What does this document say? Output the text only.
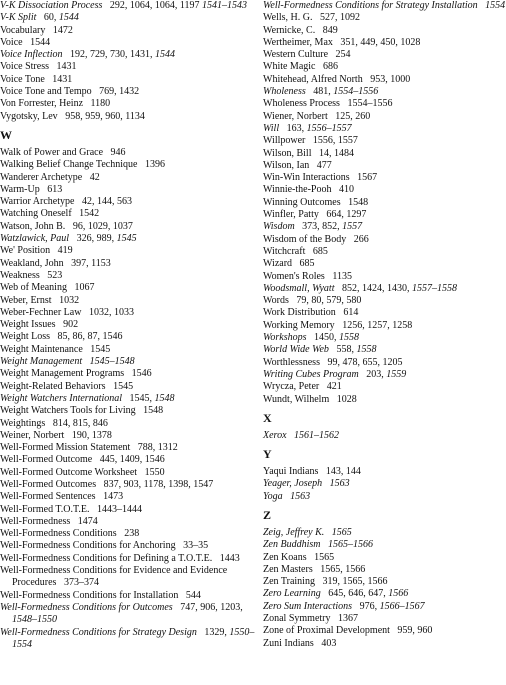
V-K Dissociation Process 292, 1064, 1064, 1197 1541–1543
V-K Split 60, 1544
Vocabulary 1472
Voice 1544
Voice Inflection 192, 729, 730, 1431, 1544
Voice Stress 1431
Voice Tone 1431
Voice Tone and Tempo 769, 1432
Von Forrester, Heinz 1180
Vygotsky, Lev 958, 959, 960, 1134
W
Walk of Power and Grace 946
Walking Belief Change Technique 1396
Wanderer Archetype 42
Warm-Up 613
Warrior Archetype 42, 144, 563
Watching Oneself 1542
Watson, John B. 96, 1029, 1037
Watzlawick, Paul 326, 989, 1545
We' Position 419
Weakland, John 397, 1153
Weakness 523
Web of Meaning 1067
Weber, Ernst 1032
Weber-Fechner Law 1032, 1033
Weight Issues 902
Weight Loss 85, 86, 87, 1546
Weight Maintenance 1545
Weight Management 1545–1548
Weight Management Programs 1546
Weight-Related Behaviors 1545
Weight Watchers International 1545, 1548
Weight Watchers Tools for Living 1548
Weightings 814, 815, 846
Weiner, Norbert 190, 1378
Well-Formed Mission Statement 788, 1312
Well-Formed Outcome 445, 1409, 1546
Well-Formed Outcome Worksheet 1550
Well-Formed Outcomes 837, 903, 1178, 1398, 1547
Well-Formed Sentences 1473
Well-Formed T.O.T.E. 1443–1444
Well-Formedness 1474
Well-Formedness Conditions 238
Well-Formedness Conditions for Anchoring 33–35
Well-Formedness Conditions for Defining a T.O.T.E. 1443
Well-Formedness Conditions for Evidence and Evidence Procedures 373–374
Well-Formedness Conditions for Installation 544
Well-Formedness Conditions for Outcomes 747, 906, 1203, 1548–1550
Well-Formedness Conditions for Strategy Design 1329, 1550–1554
Well-Formedness Conditions for Strategy Installation 1554
Wells, H. G. 527, 1092
Wernicke, C. 849
Wertheimer, Max 351, 449, 450, 1028
Western Culture 254
White Magic 686
Whitehead, Alfred North 953, 1000
Wholeness 481, 1554–1556
Wholeness Process 1554–1556
Wiener, Norbert 125, 260
Will 163, 1556–1557
Willpower 1556, 1557
Wilson, Bill 14, 1484
Wilson, Ian 477
Win-Win Interactions 1567
Winnie-the-Pooh 410
Winning Outcomes 1548
Winfler, Patty 664, 1297
Wisdom 373, 852, 1557
Wisdom of the Body 266
Witchcraft 685
Wizard 685
Women's Roles 1135
Woodsmall, Wyatt 852, 1424, 1430, 1557–1558
Words 79, 80, 579, 580
Work Distribution 614
Working Memory 1256, 1257, 1258
Workshops 1450, 1558
World Wide Web 558, 1558
Worthlessness 99, 478, 655, 1205
Writing Cubes Program 203, 1559
Wryczа, Peter 421
Wundt, Wilhelm 1028
X
Xerox 1561–1562
Y
Yaqui Indians 143, 144
Yeager, Joseph 1563
Yoga 1563
Z
Zeig, Jeffrey K. 1565
Zen Buddhism 1565–1566
Zen Koans 1565
Zen Masters 1565, 1566
Zen Training 319, 1565, 1566
Zero Learning 645, 646, 647, 1566
Zero Sum Interactions 976, 1566–1567
Zonal Symmetry 1367
Zone of Proximal Development 959, 960
Zuni Indians 403
